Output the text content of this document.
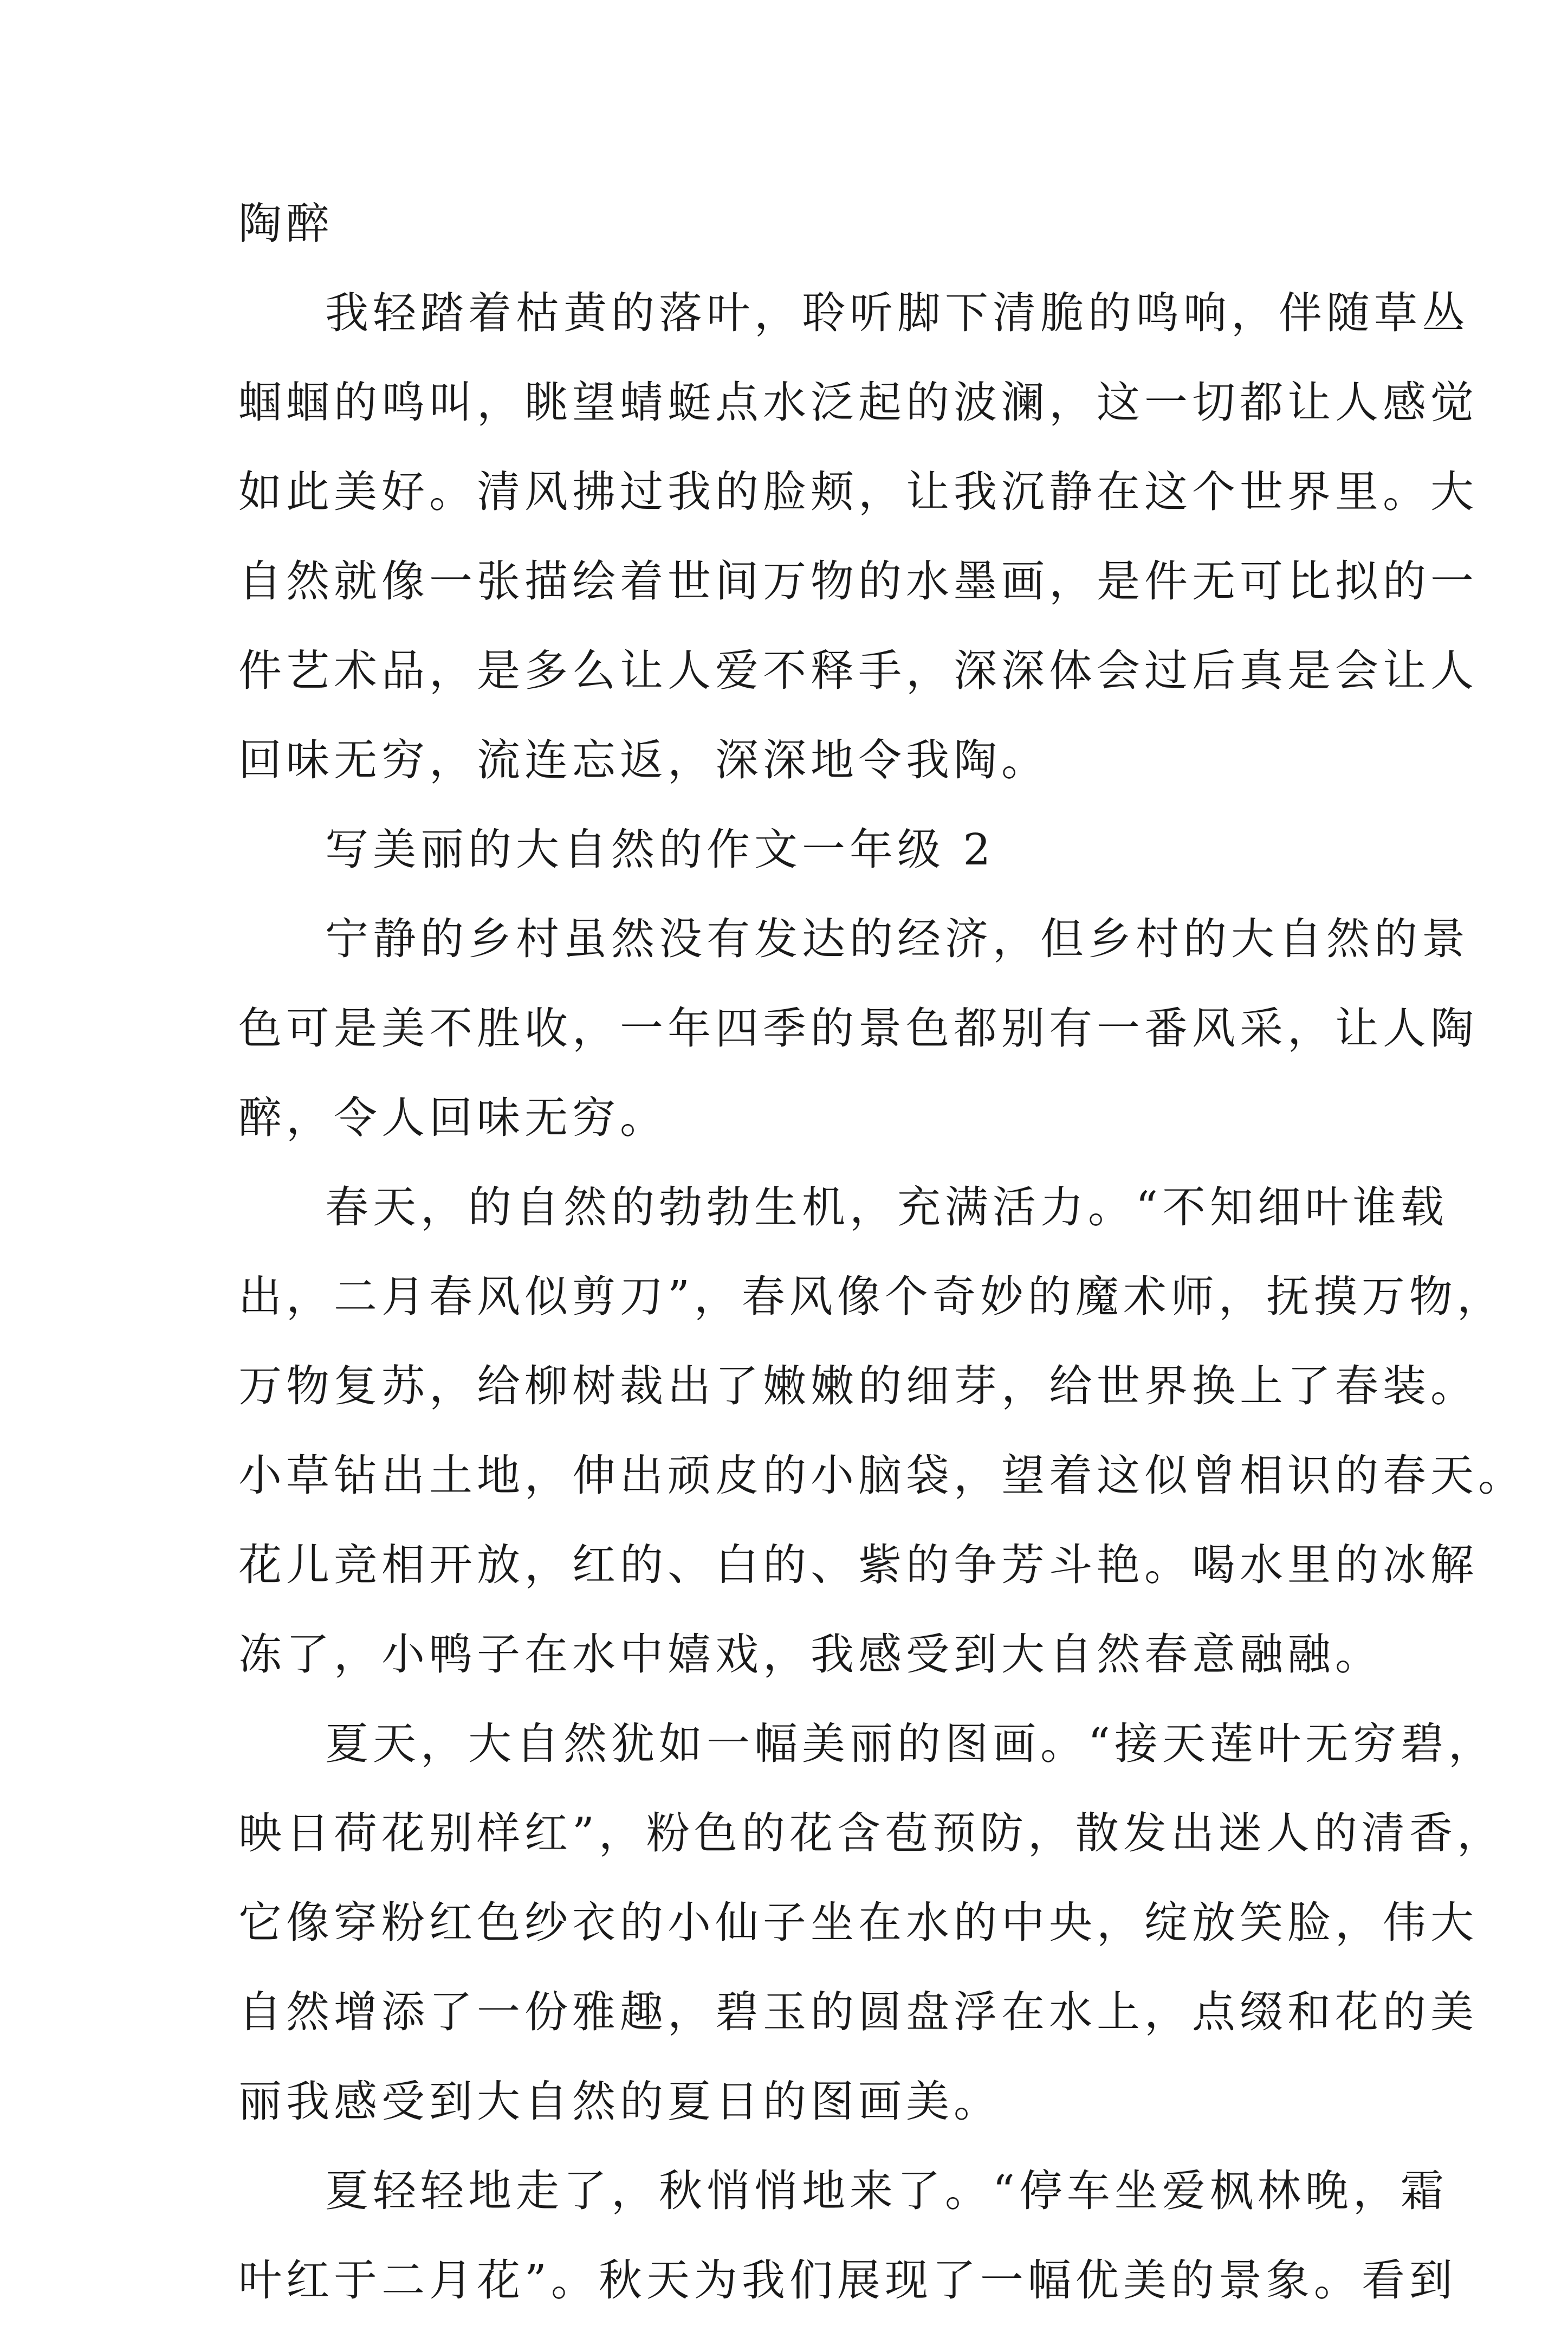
陶醉
我轻踏着枯黄的落叶，聆听脚下清脆的鸣响，伴随草丛
蝈蝈的鸣叫，眺望蜻蜓点水泛起的波澜，这一切都让人感觉
如此美好。清风拂过我的脸颊，让我沉静在这个世界里。大
自然就像一张描绘着世间万物的水墨画，是件无可比拟的一
件艺术品，是多么让人爱不释手，深深体会过后真是会让人
回味无穷，流连忘返，深深地令我陶。
写美丽的大自然的作文一年级 2
宁静的乡村虽然没有发达的经济，但乡村的大自然的景
色可是美不胜收，一年四季的景色都别有一番风采，让人陶
醉，令人回味无穷。
春天，的自然的勃勃生机，充满活力。“不知细叶谁载
出，二月春风似剪刀”，春风像个奇妙的魔术师，抚摸万物，
万物复苏，给柳树裁出了嫩嫩的细芽，给世界换上了春装。
小草钻出土地，伸出顽皮的小脑袋，望着这似曾相识的春天。
花儿竞相开放，红的、白的、紫的争芳斗艳。喝水里的冰解
冻了，小鸭子在水中嬉戏，我感受到大自然春意融融。
夏天，大自然犹如一幅美丽的图画。“接天莲叶无穷碧，
映日荷花别样红”，粉色的花含苞预防，散发出迷人的清香，
它像穿粉红色纱衣的小仙子坐在水的中央，绽放笑脸，伟大
自然增添了一份雅趣，碧玉的圆盘浮在水上，点缀和花的美
丽我感受到大自然的夏日的图画美。
夏轻轻地走了，秋悄悄地来了。“停车坐爱枫林晚，霜
叶红于二月花”。秋天为我们展现了一幅优美的景象。看到
